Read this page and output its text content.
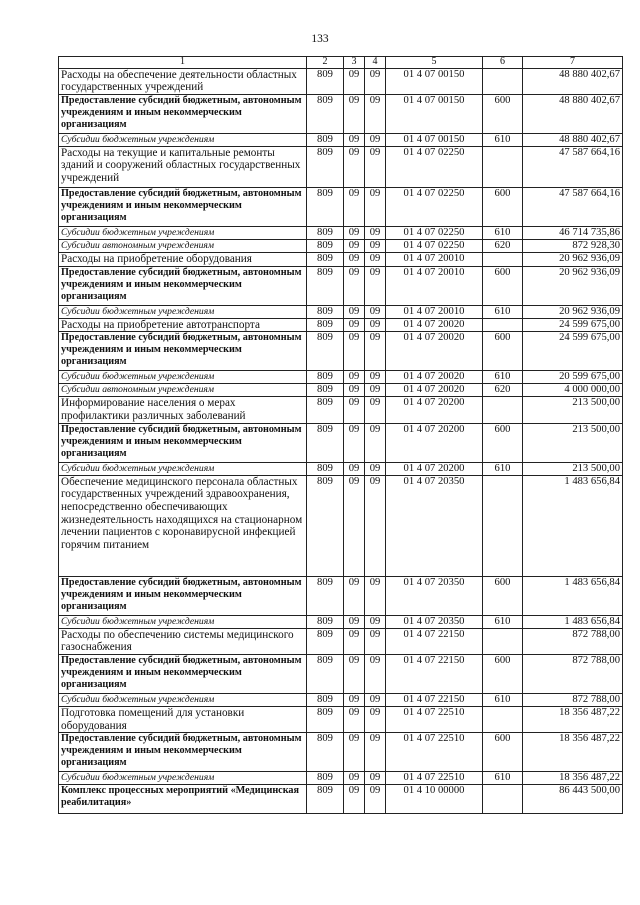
133
1	2	3	4	5	6	7
Расходы на обеспечение деятельности областных государственных учреждений	809	09	09	01 4 07 00150		48 880 402,67
Предоставление субсидий бюджетным, автономным учреждениям и иным некоммерческим организациям	809	09	09	01 4 07 00150	600	48 880 402,67
Субсидии бюджетным учреждениям	809	09	09	01 4 07 00150	610	48 880 402,67
Расходы на текущие и капитальные ремонты зданий и сооружений областных государственных учреждений	809	09	09	01 4 07 02250		47 587 664,16
Предоставление субсидий бюджетным, автономным учреждениям и иным некоммерческим организациям	809	09	09	01 4 07 02250	600	47 587 664,16
Субсидии бюджетным учреждениям	809	09	09	01 4 07 02250	610	46 714 735,86
Субсидии автономным учреждениям	809	09	09	01 4 07 02250	620	872 928,30
Расходы на приобретение оборудования	809	09	09	01 4 07 20010		20 962 936,09
Предоставление субсидий бюджетным, автономным учреждениям и иным некоммерческим организациям	809	09	09	01 4 07 20010	600	20 962 936,09
Субсидии бюджетным учреждениям	809	09	09	01 4 07 20010	610	20 962 936,09
Расходы на приобретение автотранспорта	809	09	09	01 4 07 20020		24 599 675,00
Предоставление субсидий бюджетным, автономным учреждениям и иным некоммерческим организациям	809	09	09	01 4 07 20020	600	24 599 675,00
Субсидии бюджетным учреждениям	809	09	09	01 4 07 20020	610	20 599 675,00
Субсидии автономным учреждениям	809	09	09	01 4 07 20020	620	4 000 000,00
Информирование населения о мерах профилактики различных заболеваний	809	09	09	01 4 07 20200		213 500,00
Предоставление субсидий бюджетным, автономным учреждениям и иным некоммерческим организациям	809	09	09	01 4 07 20200	600	213 500,00
Субсидии бюджетным учреждениям	809	09	09	01 4 07 20200	610	213 500,00
Обеспечение медицинского персонала областных государственных учреждений здравоохранения, непосредственно обеспечивающих жизнедеятельность находящихся на стационарном лечении пациентов с коронавирусной инфекцией горячим питанием	809	09	09	01 4 07 20350		1 483 656,84
Предоставление субсидий бюджетным, автономным учреждениям и иным некоммерческим организациям	809	09	09	01 4 07 20350	600	1 483 656,84
Субсидии бюджетным учреждениям	809	09	09	01 4 07 20350	610	1 483 656,84
Расходы по обеспечению системы медицинского газоснабжения	809	09	09	01 4 07 22150		872 788,00
Предоставление субсидий бюджетным, автономным учреждениям и иным некоммерческим организациям	809	09	09	01 4 07 22150	600	872 788,00
Субсидии бюджетным учреждениям	809	09	09	01 4 07 22150	610	872 788,00
Подготовка помещений для установки оборудования	809	09	09	01 4 07 22510		18 356 487,22
Предоставление субсидий бюджетным, автономным учреждениям и иным некоммерческим организациям	809	09	09	01 4 07 22510	600	18 356 487,22
Субсидии бюджетным учреждениям	809	09	09	01 4 07 22510	610	18 356 487,22
Комплекс процессных мероприятий «Медицинская реабилитация»	809	09	09	01 4 10 00000		86 443 500,00
